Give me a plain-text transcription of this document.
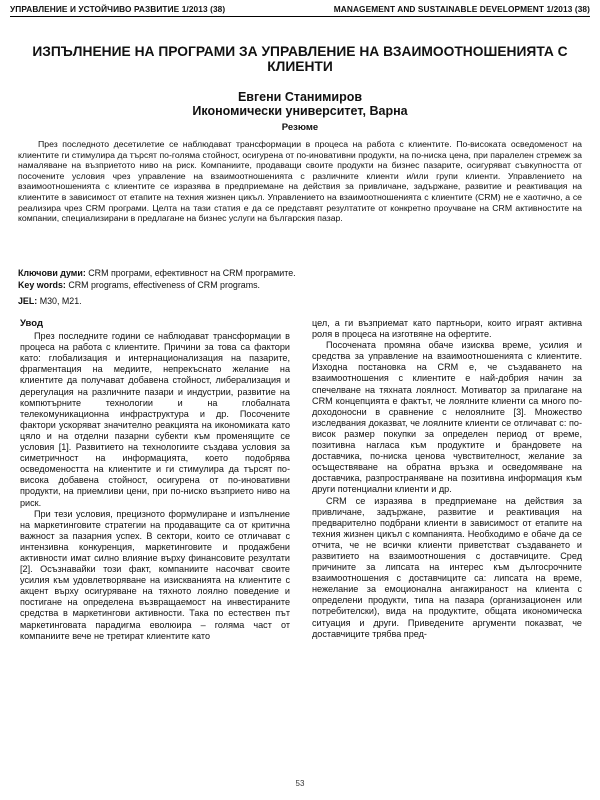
УПРАВЛЕНИЕ И УСТОЙЧИВО РАЗВИТИЕ 1/2013 (38)	MANAGEMENT AND SUSTAINABLE DEVELOPMENT 1/2013 (38)
ИЗПЪЛНЕНИЕ НА ПРОГРАМИ ЗА УПРАВЛЕНИЕ НА ВЗАИМООТНОШЕНИЯТА С КЛИЕНТИ
Евгени Станимиров
Икономически университет, Варна
Резюме

През последното десетилетие се наблюдават трансформации в процеса на работа с клиентите. По-високата осведоменост на клиентите ги стимулира да търсят по-голяма стойност, осигурена от по-иновативни продукти, на по-ниска цена, при паралелен стремеж за намаляване на възприетото ниво на риск. Компаниите, продаващи своите продукти на бизнес пазарите, осигуряват съвкупността от посочените условия чрез управление на взаимоотношенията с различните клиенти и/или групи клиенти. Управлението на взаимоотношенията с клиентите се изразява в предприемане на действия за привличане, задържане, развитие и реактивация на клиентите в зависимост от етапите на техния жизнен цикъл. Управлението на взаимоотношенията с клиентите (CRM) не е хаотично, а се реализира чрез CRM програми. Целта на тази статия е да се представят резултатите от конкретно проучване на CRM активностите на компании, специализирани в предлагане на бизнес услуги на българския пазар.

Ключови думи: CRM програми, ефективност на CRM програмите.
Key words: CRM programs, effectiveness of CRM programs.
JEL: M30, M21.
Увод

През последните години се наблюдават трансформации в процеса на работа с клиентите. Причини за това са фактори като: глобализация и интернационализация на пазарите, фрагментация на медиите, непрекъснато желание на клиентите да получават добавена стойност, либерализация и дерегулация на различните пазари и индустрии, развитие на компютърните технологии и на глобалната телекомуникационна инфраструктура и др. Посочените фактори ускоряват значително реакцията на икономиката като цяло и на отделни пазарни субекти към променящите се условия [1]. Развитието на технологиите създава условия за симетричност на информацията, което подобрява осведомеността на клиентите и ги стимулира да търсят по-висока добавена стойност, осигурена от по-иновативни продукти, на приемливи цени, при по-ниско възприето ниво на риск.

При тези условия, прецизното формулиране и изпълнение на маркетинговите стратегии на продаващите са от критична важност за пазарния успех. В сектори, които се отличават с интензивна конкуренция, маркетинговите и продажбени активности имат силно влияние върху финансовите резултати [2]. Осъзнавайки този факт, компаниите насочват своите усилия към удовлетворяване на изискванията на клиентите с акцент върху осигуряване на тяхното лоялно поведение и постигане на определена възвращаемост на инвестираните средства в маркетингови активности. Така по естествен път маркетинговата парадигма еволюира – голяма част от компаниите вече не третират клиентите като

цел, а ги възприемат като партньори, които играят активна роля в процеса на изготвяне на офертите.

Посочената промяна обаче изисква време, усилия и средства за управление на взаимоотношенията с клиентите. Изходна постановка на CRM е, че създаването на взаимоотношения с клиентите е най-добрия начин за спечелване на тяхната лоялност. Мотиватор за прилагане на CRM концепцията е фактът, че лоялните клиенти са много по-доходоносни в сравнение с нелоялните [3]. Множество изследвания доказват, че лоялните клиенти се отличават с: по-висок размер покупки за определен период от време, позитивна нагласа към продуктите и брандовете на доставчика, по-ниска ценова чувствителност, желание за осъществяване на обратна връзка и осведомяване на доставчика, разпространяване на позитивна информация към други потенциални клиенти и др.

CRM се изразява в предприемане на действия за привличане, задържане, развитие и реактивация на предварително подбрани клиенти в зависимост от етапите на техния жизнен цикъл с компанията. Необходимо е обаче да се отчита, че не всички клиенти приветстват създаването и развитието на взаимоотношения с доставчиците. Сред причините за липсата на интерес към дългосрочните взаимоотношения с доставчиците са: липсата на време, нежелание за емоционална ангажираност на клиента с определени продукти, типа на пазара (организационен или потребителски), вида на продуктите, общата икономическа ситуация и други. Приведените аргументи показват, че доставчиците трябва пред-

53
